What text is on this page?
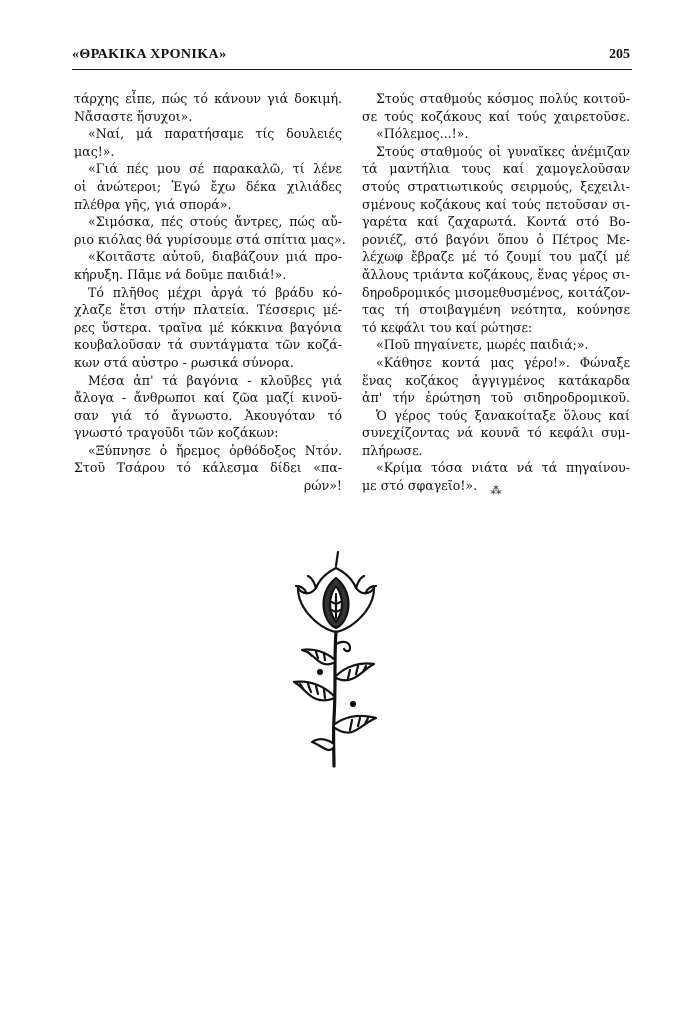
«ΘΡΑΚΙΚΑ ΧΡΟΝΙΚΑ»	205
τάρχης εἶπε, πώς τό κάνουν γιά δοκιμή.
Νἄσαστε ἥσυχοι».
«Ναί, μά παρατήσαμε τίς δουλειές
μας!».
«Γιά πές μου σέ παρακαλῶ, τί λένε
οἱ ἀνώτεροι; Ἐγώ ἔχω δέκα χιλιάδες
πλέθρα γῆς, γιά σπορά».
«Σιμόσκα, πές στούς ἄντρες, πώς αὔ-
ριο κιόλας θά γυρίσουμε στά σπίτια μας».
«Κοιτᾶστε αὐτοῦ, διαβάζουν μιά προ-
κήρυξη. Πᾶμε νά δοῦμε παιδιά!».
Τό πλῆθος μέχρι ἀργά τό βράδυ κό-
χλαζε ἔτσι στήν πλατεία. Τέσσερις μέ-
ρες ὕστερα. τραῖνα μέ κόκκινα βαγόνια
κουβαλοῦσαν τά συντάγματα τῶν κοζά-
κων στά αὐστρο - ρωσικά σύνορα.
Μέσα ἀπ' τά βαγόνια - κλοῦβες γιά
ἄλογα - ἄνθρωποι καί ζῶα μαζί κινοῦ-
σαν γιά τό ἄγνωστο. Ἀκουγόταν τό
γνωστό τραγοῦδι τῶν κοζάκων:
«Ξύπνησε ὁ ἤρεμος ὀρθόδοξος Ντόν.
Στοῦ Τσάρου τό κάλεσμα δίδει «πα-
ρών»!
Στούς σταθμούς κόσμος πολύς κοιτοῦ-
σε τούς κοζάκους καί τούς χαιρετοῦσε.
«Πόλεμος...!».
Στούς σταθμούς οἱ γυναῖκες ἀνέμιζαν
τά μαντήλια τους καί χαμογελοῦσαν
στούς στρατιωτικούς σειρμούς, ξεχειλι-
σμένους κοζάκους καί τούς πετοῦσαν σι-
γαρέτα καί ζαχαρωτά. Κοντά στό Βο-
ρονιέζ, στό βαγόνι ὅπου ὁ Πέτρος Με-
λέχωφ ἔβραζε μέ τό ζουμί του μαζί μέ
ἄλλους τριάντα κοζάκους, ἕνας γέρος σι-
δηροδρομικός μισομεθυσμένος, κοιτάζον-
τας τή στοιβαγμένη νεότητα, κούνησε
τό κεφάλι του καί ρώτησε:
«Ποῦ πηγαίνετε, μωρές παιδιά;».
«Κάθησε κοντά μας γέρο!». Φώναξε
ἕνας κοζάκος ἀγγιγμένος κατάκαρδα
ἀπ' τήν ἐρώτηση τοῦ σιδηροδρομικοῦ.
Ὁ γέρος τούς ξανακοίταξε ὅλους καί
συνεχίζοντας νά κουνᾶ τό κεφάλι συμ-
πλήρωσε.
«Κρίμα τόσα νιάτα νά τά πηγαίνου-
με στό σφαγεῖο!».	⁂
